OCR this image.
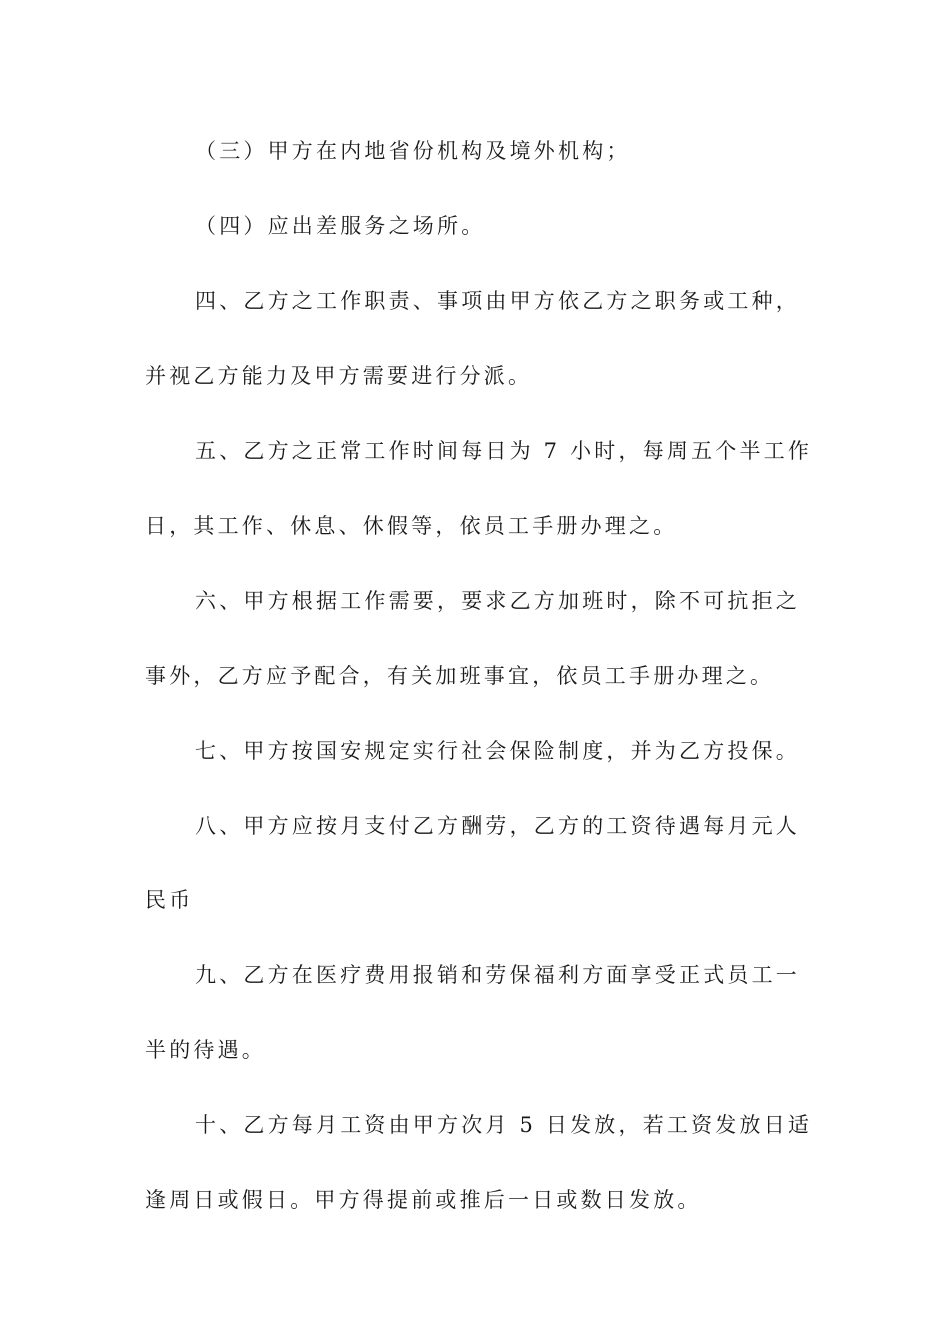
（三）甲方在内地省份机构及境外机构；
（四）应出差服务之场所。
四、乙方之工作职责、事项由甲方依乙方之职务或工种，
并视乙方能力及甲方需要进行分派。
五、乙方之正常工作时间每日为 7 小时，每周五个半工作
日，其工作、休息、休假等，依员工手册办理之。
六、甲方根据工作需要，要求乙方加班时，除不可抗拒之
事外，乙方应予配合，有关加班事宜，依员工手册办理之。
七、甲方按国安规定实行社会保险制度，并为乙方投保。
八、甲方应按月支付乙方酬劳，乙方的工资待遇每月元人
民币
九、乙方在医疗费用报销和劳保福利方面享受正式员工一
半的待遇。
十、乙方每月工资由甲方次月 5 日发放，若工资发放日适
逢周日或假日。甲方得提前或推后一日或数日发放。
